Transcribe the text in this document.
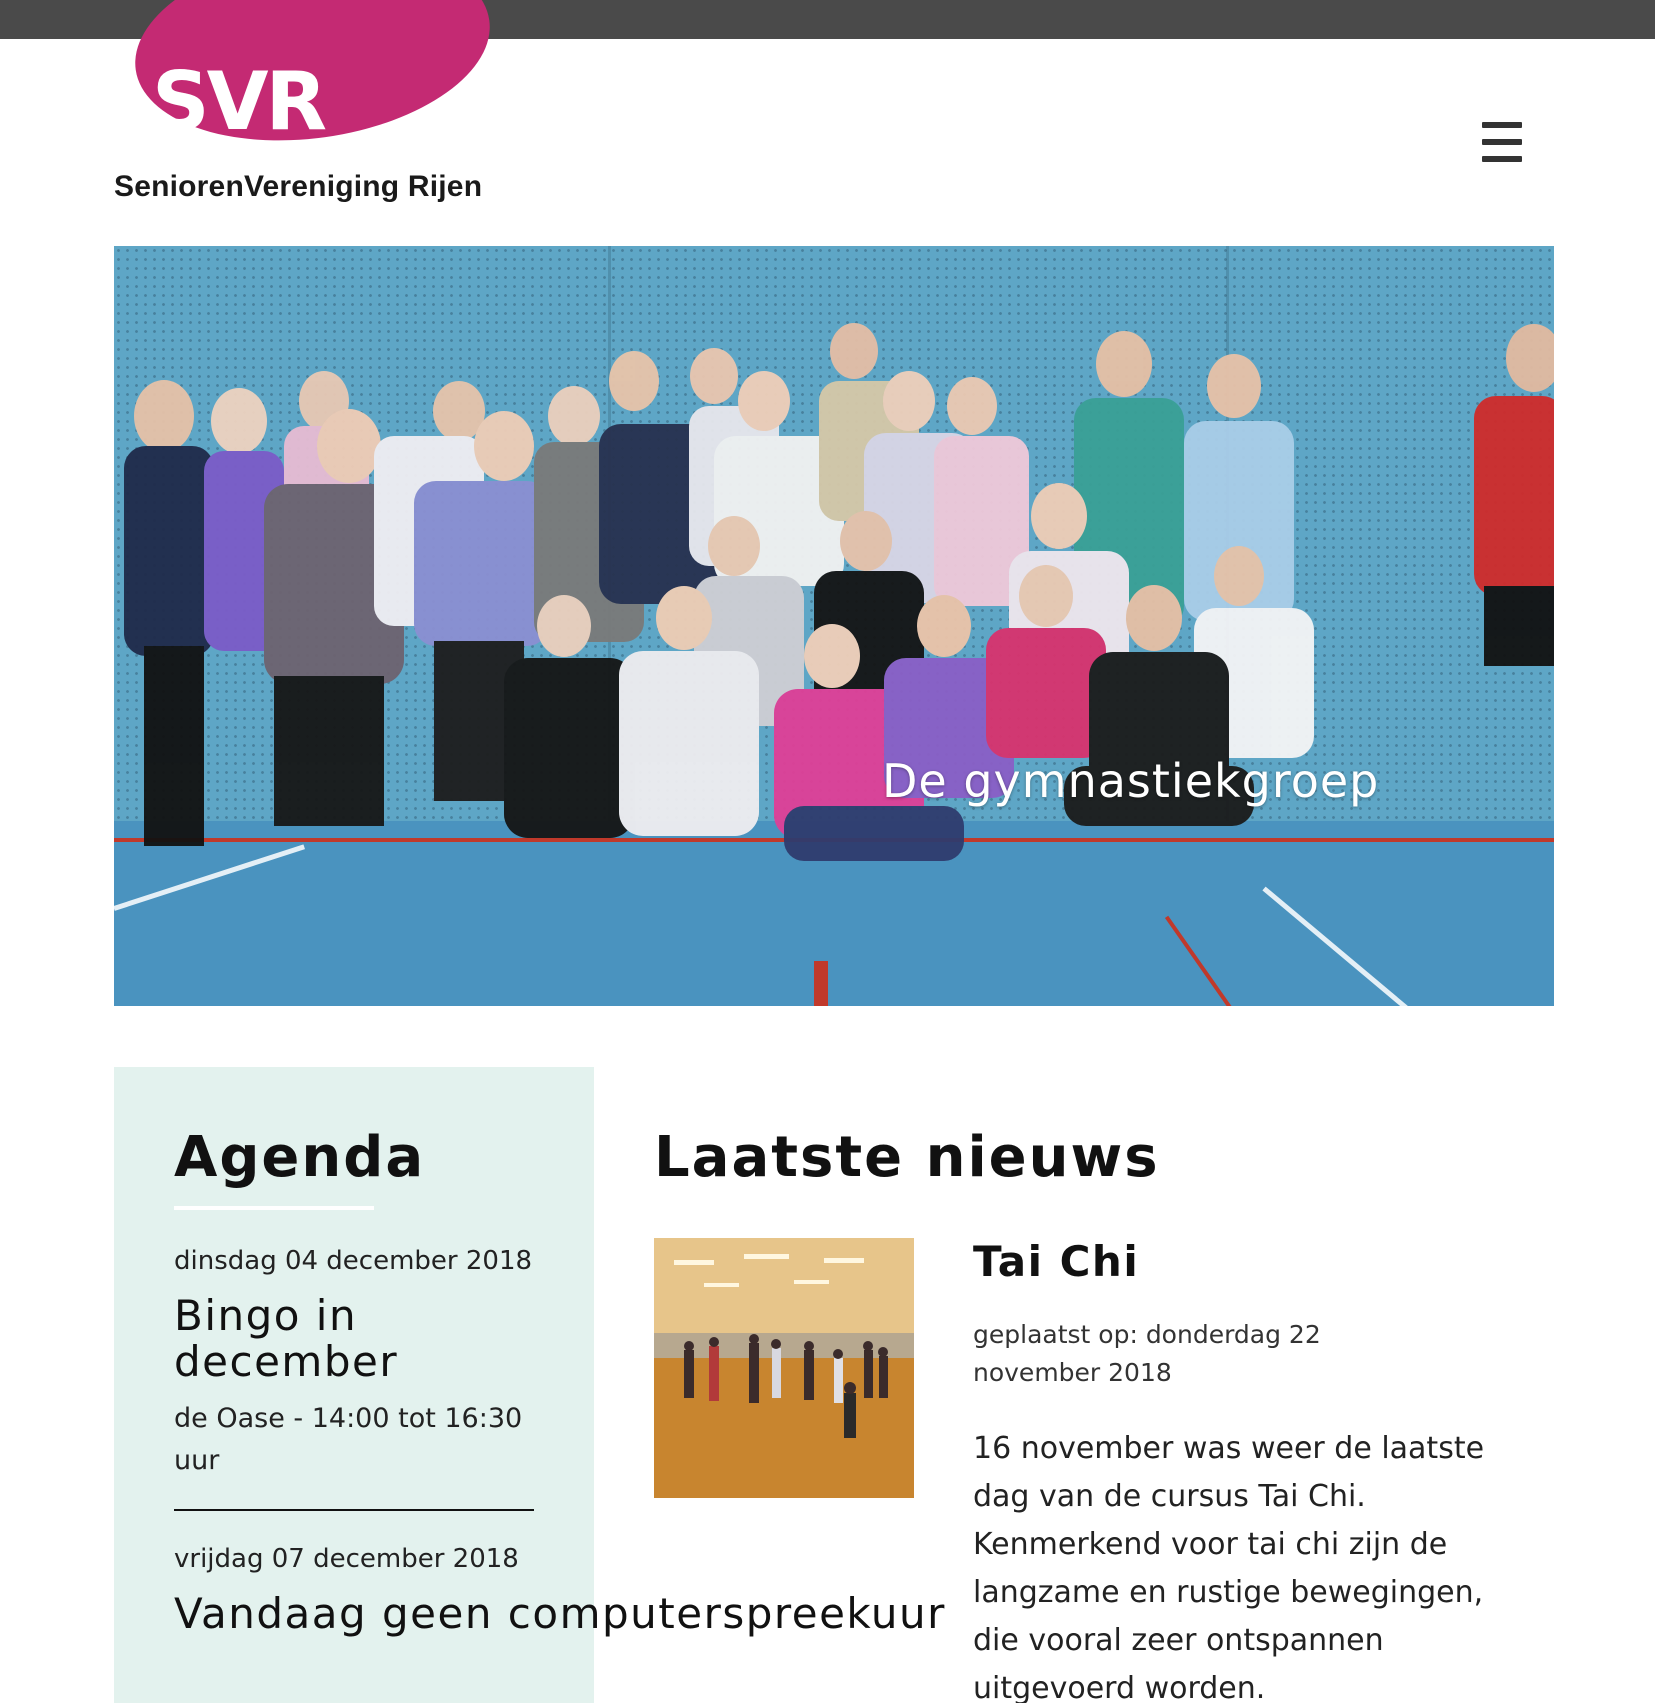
SVR
SeniorenVereniging Rijen
De gymnastiekgroep
Agenda
dinsdag 04 december 2018
Bingo in december
de Oase - 14:00 tot 16:30 uur
vrijdag 07 december 2018
Vandaag geen computerspreekuur
Laatste nieuws
Tai Chi
geplaatst op: donderdag 22 november 2018

16 november was weer de laatste dag van de cursus Tai Chi. Kenmerkend voor tai chi zijn de langzame en rustige bewegingen, die vooral zeer ontspannen uitgevoerd worden.
